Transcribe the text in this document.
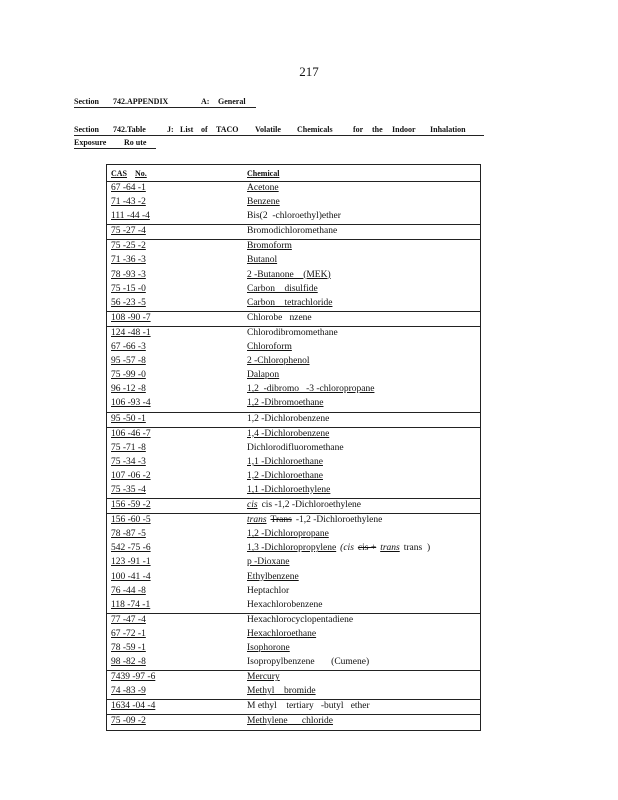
217
Section 742.APPENDIX	A: General
Section 742.Table	J: List of TACO Volatile Chemicals	for the Indoor Inhalation
Exposure Ro ute
CAS No.	Chemical
67 -64 -1	Acetone
71 -43 -2	Benzene
111 -44 -4	Bis(2  -chloroethyl)ether
75 -27 -4	Bromodichloromethane
75 -25 -2	Bromoform
71 -36 -3	Butanol
78 -93 -3	2 -Butanone    (MEK)
75 -15 -0	Carbon    disulfide
56 -23 -5	Carbon    tetrachloride
108 -90 -7	Chlorobe   nzene
124 -48 -1	Chlorodibromomethane
67 -66 -3	Chloroform
95 -57 -8	2 -Chlorophenol
75 -99 -0	Dalapon
96 -12 -8	1,2  -dibromo   -3 -chloropropane
106 -93 -4	1,2 -Dibromoethane
95 -50 -1	1,2 -Dichlorobenzene
106 -46 -7	1,4 -Dichlorobenzene
75 -71 -8	Dichlorodifluoromethane
75 -34 -3	1,1 -Dichloroethane
107 -06 -2	1,2 -Dichloroethane
75 -35 -4	1,1 -Dichloroethylene
156 -59 -2	cis cis -1,2 -Dichloroethylene
156 -60 -5	trans Trans -1,2 -Dichloroethylene
78 -87 -5	1,2 -Dichloropropane
542 -75 -6	1,3 -Dichloropropylene (cis cis + trans trans  )
123 -91 -1	p -Dioxane
100 -41 -4	Ethylbenzene
76 -44 -8	Heptachlor
118 -74 -1	Hexachlorobenzene
77 -47 -4	Hexachlorocyclopentadiene
67 -72 -1	Hexachloroethane
78 -59 -1	Isophorone
98 -82 -8	Isopropylbenzene       (Cumene)
7439 -97 -6	Mercury
74 -83 -9	Methyl    bromide
1634 -04 -4	M ethyl    tertiary   -butyl   ether
75 -09 -2	Methylene      chloride
